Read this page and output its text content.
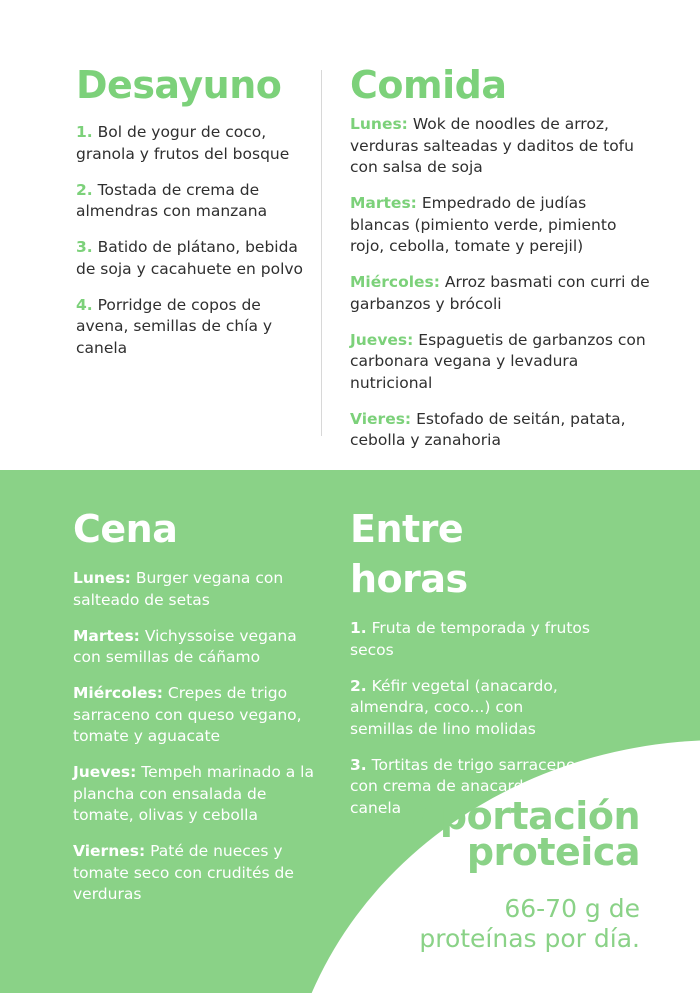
Desayuno
1. Bol de yogur de coco, granola y frutos del bosque
2. Tostada de crema de almendras con manzana
3. Batido de plátano, bebida de soja y cacahuete en polvo
4. Porridge de copos de avena, semillas de chía y canela
Comida
Lunes: Wok de noodles de arroz, verduras salteadas y daditos de tofu con salsa de soja
Martes: Empedrado de judías blancas (pimiento verde, pimiento rojo, cebolla, tomate y perejil)
Miércoles: Arroz basmati con curri de garbanzos y brócoli
Jueves: Espaguetis de garbanzos con carbonara vegana y levadura nutricional
Vieres: Estofado de seitán, patata, cebolla y zanahoria
Cena
Lunes: Burger vegana con salteado de setas
Martes: Vichyssoise vegana con semillas de cáñamo
Miércoles: Crepes de trigo sarraceno con queso vegano, tomate y aguacate
Jueves: Tempeh marinado a la plancha con ensalada de tomate, olivas y cebolla
Viernes: Paté de nueces y tomate seco con crudités de verduras
Entre horas
1. Fruta de temporada y frutos secos
2. Kéfir vegetal (anacardo, almendra, coco...) con semillas de lino molidas
3. Tortitas de trigo sarraceno con crema de anacardo y canela Aportación
proteica
66-70 g de
proteínas por día.
